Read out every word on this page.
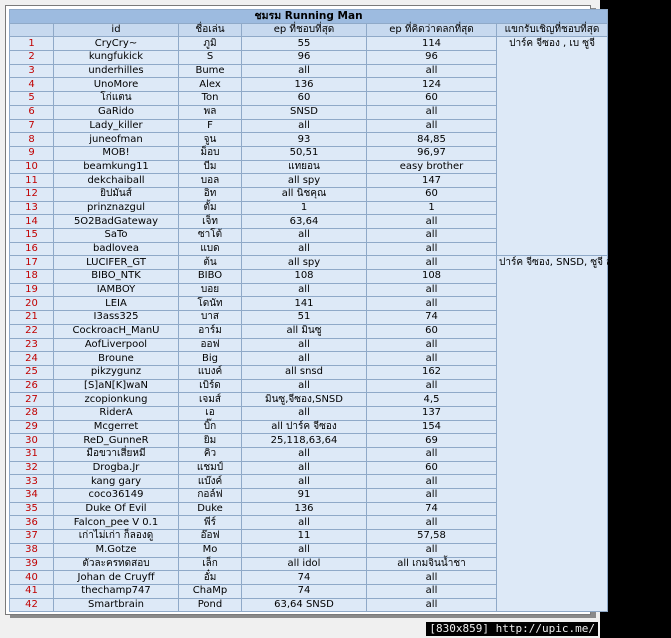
ชมรม Running Man					
	id	ชื่อเล่น	ep ที่ชอบที่สุด	ep ที่คิดว่าตลกที่สุด	แขกรับเชิญที่ชอบที่สุด
1	CryCry~	ภูมิ	55	114	ปาร์ค จีซอง , เบ ซูจี
2	kungfukick	S	96	96	
3	underhilles	Bume	all	all	
4	UnoMore	Alex	136	124	
5	โก่แตน	Ton	60	60	
6	GaRido	พล	SNSD	all	
7	Lady_killer	F	all	all	
8	juneofman	จูน	93	84,85	
9	MOB!	ม็อบ	50,51	96,97	
10	beamkung11	บีม	แทยอน	easy brother	
11	dekchaiball	บอล	all spy	147	
12	ยิปมันส์	อิท	all นิชคุณ	60	
13	prinznazgul	ตั้ม	1	1	
14	5O2BadGateway	เจ็ท	63,64	all	
15	SaTo	ซาโต้	all	all	
16	badlovea	แบด	all	all	
17	LUCIFER_GT	ต้น	all spy	all	ปาร์ค จีซอง, SNSD, ซูจี สโยจุ , IU , ซูจี
18	BIBO_NTK	BIBO	108	108	
19	IAMBOY	บอย	all	all	
20	LEIA	โดนัท	141	all	
21	I3ass325	บาส	51	74	
22	CockroacH_ManU	อาร์ม	all มินซู	60	
23	AofLiverpool	ออฟ	all	all	
24	Broune	Big	all	all	
25	pikzygunz	แบงค์	all snsd	162	
26	[S]aN[K]waN	เบิร์ด	all	all	
27	zcopionkung	เจมส์	มินซู,จีซอง,SNSD	4,5	
28	RiderA	เอ	all	137	
29	Mcgerret	บิ๊ก	all ปาร์ค จีซอง	154	
30	ReD_GunneR	ยิม	25,118,63,64	69	
31	มือขวาเสี่ยหมี	คิว	all	all	
32	Drogba.Jr	แชมป์	all	60	
33	kang gary	แบ๊งค์	all	all	
34	coco36149	กอล์ฟ	91	all	
35	Duke Of Evil	Duke	136	74	
36	Falcon_pee V 0.1	พีร์	all	all	
37	เก่าไม่เก่า ก็ลองดู	อ๊อฟ	11	57,58	
38	M.Gotze	Mo	all	all	
39	ตัวละครทดสอบ	เล็ก	all idol	all เกมจินน้ำชา	
40	Johan de Cruyff	อั๋ม	74	all	
41	thechamp747	ChaMp	74	all	
42	Smartbrain	Pond	63,64 SNSD	all	
[830x859] http://upic.me/
